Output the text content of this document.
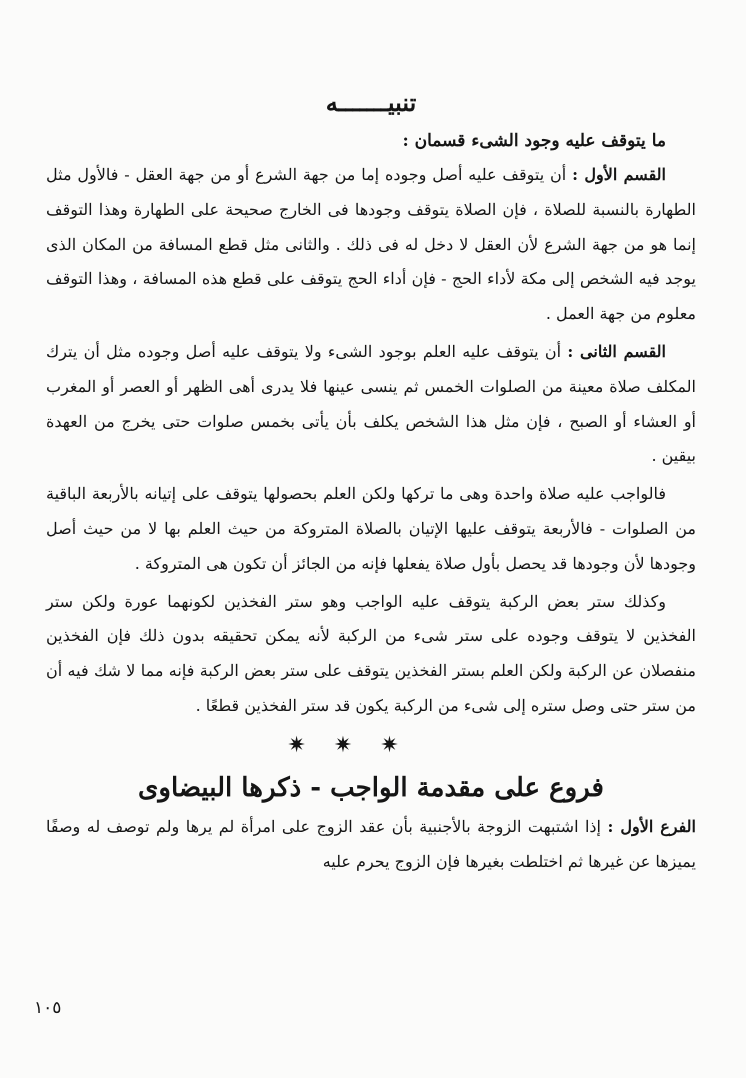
تنبيـــــــه

ما يتوقف عليه وجود الشىء قسمان :

القسم الأول : أن يتوقف عليه أصل وجوده إما من جهة الشرع أو من جهة العقل - فالأول مثل الطهارة بالنسبة للصلاة ، فإن الصلاة يتوقف وجودها فى الخارج صحيحة على الطهارة وهذا التوقف إنما هو من جهة الشرع لأن العقل لا دخل له فى ذلك . والثانى مثل قطع المسافة من المكان الذى يوجد فيه الشخص إلى مكة لأداء الحج - فإن أداء الحج يتوقف على قطع هذه المسافة ، وهذا التوقف معلوم من جهة العمل .

القسم الثانى : أن يتوقف عليه العلم بوجود الشىء ولا يتوقف عليه أصل وجوده مثل أن يترك المكلف صلاة معينة من الصلوات الخمس ثم ينسى عينها فلا يدرى أهى الظهر أو العصر أو المغرب أو العشاء أو الصبح ، فإن مثل هذا الشخص يكلف بأن يأتى بخمس صلوات حتى يخرج من العهدة بيقين .

فالواجب عليه صلاة واحدة وهى ما تركها ولكن العلم بحصولها يتوقف على إتيانه بالأربعة الباقية من الصلوات - فالأربعة يتوقف عليها الإتيان بالصلاة المتروكة من حيث العلم بها لا من حيث أصل وجودها لأن وجودها قد يحصل بأول صلاة يفعلها فإنه من الجائز أن تكون هى المتروكة .

وكذلك ستر بعض الركبة يتوقف عليه الواجب وهو ستر الفخذين لكونهما عورة ولكن ستر الفخذين لا يتوقف وجوده على ستر شىء من الركبة لأنه يمكن تحقيقه بدون ذلك فإن الفخذين منفصلان عن الركبة ولكن العلم بستر الفخذين يتوقف على ستر بعض الركبة فإنه مما لا شك فيه أن من ستر حتى وصل ستره إلى شىء من الركبة يكون قد ستر الفخذين قطعًا .

✷✷✷
فروع على مقدمة الواجب - ذكرها البيضاوى

الفرع الأول : إذا اشتبهت الزوجة بالأجنبية بأن عقد الزوج على امرأة لم يرها ولم توصف له وصفًا يميزها عن غيرها ثم اختلطت بغيرها فإن الزوج يحرم عليه

١٠٥
